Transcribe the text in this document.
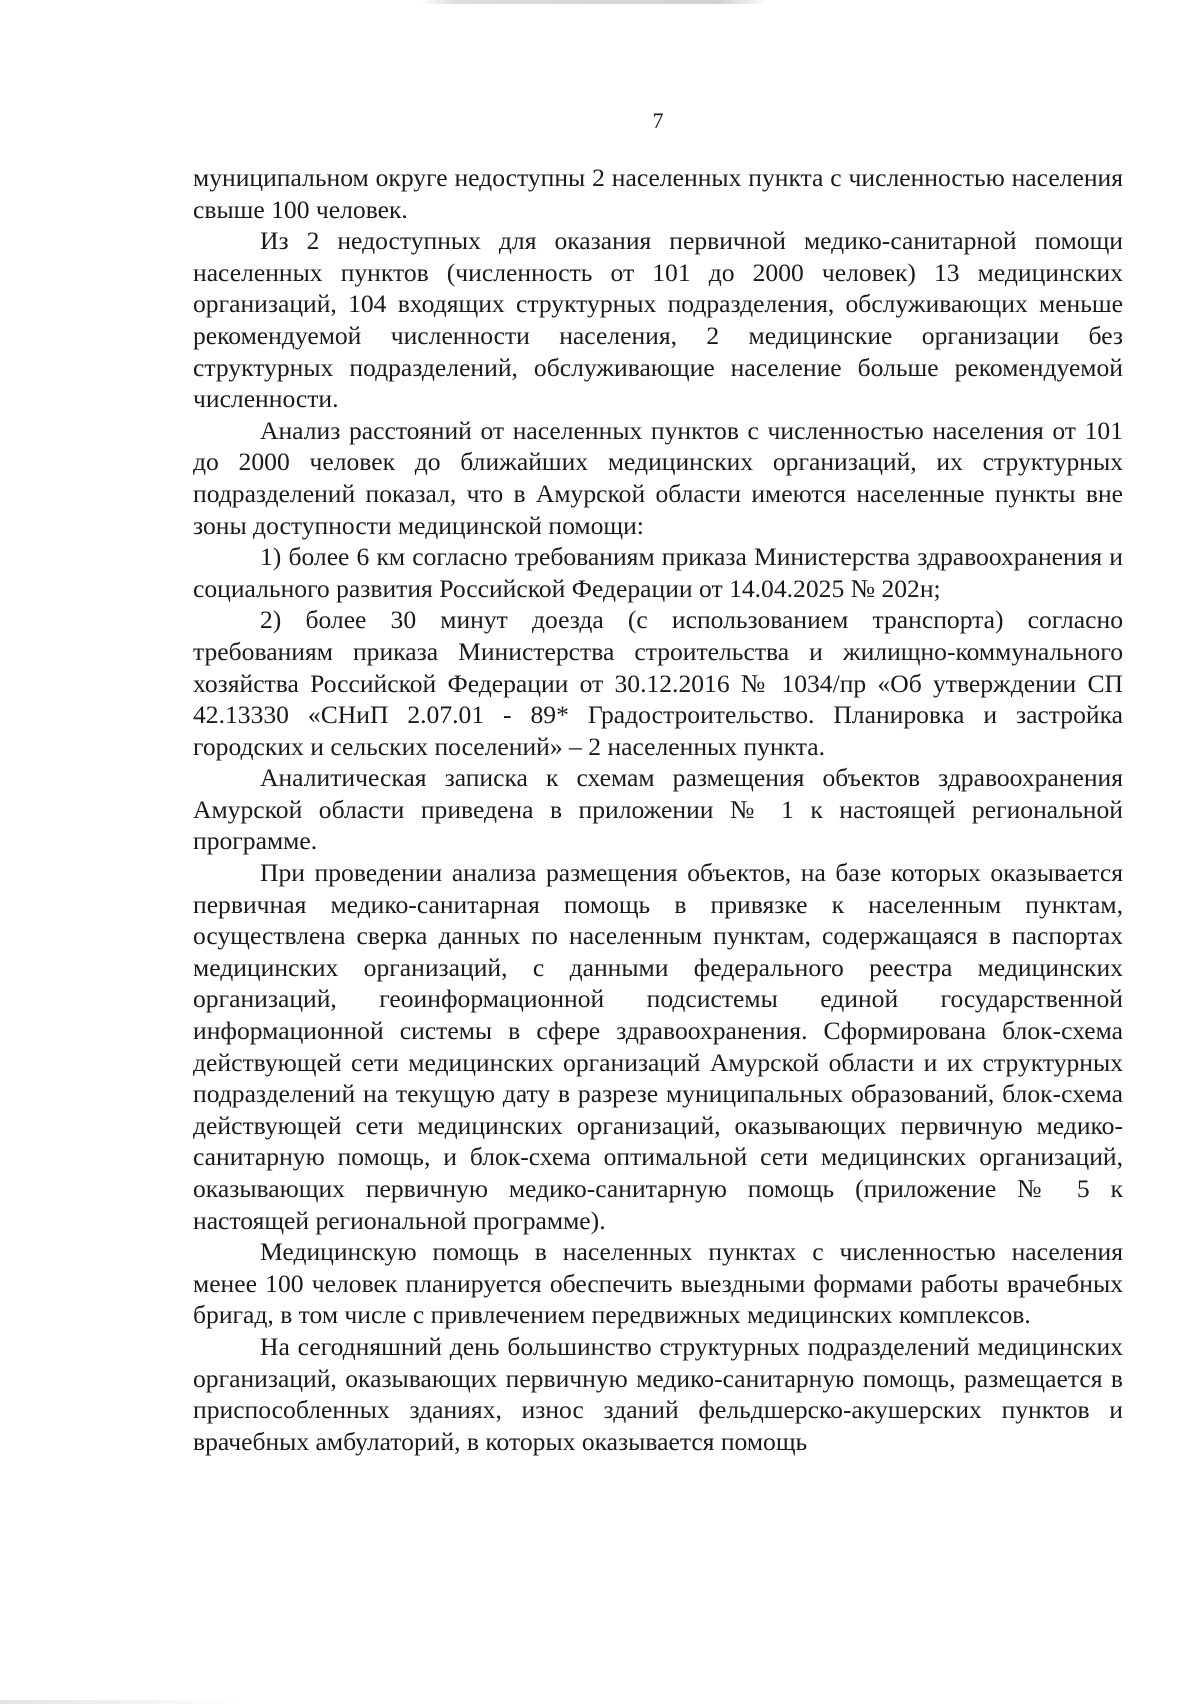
7

муниципальном округе недоступны 2 населенных пункта с численностью населения свыше 100 человек.

Из 2 недоступных для оказания первичной медико-санитарной помощи населенных пунктов (численность от 101 до 2000 человек) 13 медицинских организаций, 104 входящих структурных подразделения, обслуживающих меньше рекомендуемой численности населения, 2 медицинские организации без структурных подразделений, обслуживающие население больше рекомендуемой численности.

Анализ расстояний от населенных пунктов с численностью населения от 101 до 2000 человек до ближайших медицинских организаций, их структурных подразделений показал, что в Амурской области имеются населенные пункты вне зоны доступности медицинской помощи:

1) более 6 км согласно требованиям приказа Министерства здравоохранения и социального развития Российской Федерации от 14.04.2025 № 202н;

2) более 30 минут доезда (с использованием транспорта) согласно требованиям приказа Министерства строительства и жилищно-коммунального хозяйства Российской Федерации от 30.12.2016 № 1034/пр «Об утверждении СП 42.13330 «СНиП 2.07.01 - 89* Градостроительство. Планировка и застройка городских и сельских поселений» – 2 населенных пункта.

Аналитическая записка к схемам размещения объектов здравоохранения Амурской области приведена в приложении № 1 к настоящей региональной программе.

При проведении анализа размещения объектов, на базе которых оказывается первичная медико-санитарная помощь в привязке к населенным пунктам, осуществлена сверка данных по населенным пунктам, содержащаяся в паспортах медицинских организаций, с данными федерального реестра медицинских организаций, геоинформационной подсистемы единой государственной информационной системы в сфере здравоохранения. Сформирована блок-схема действующей сети медицинских организаций Амурской области и их структурных подразделений на текущую дату в разрезе муниципальных образований, блок-схема действующей сети медицинских организаций, оказывающих первичную медико-санитарную помощь, и блок-схема оптимальной сети медицинских организаций, оказывающих первичную медико-санитарную помощь (приложение № 5 к настоящей региональной программе).

Медицинскую помощь в населенных пунктах с численностью населения менее 100 человек планируется обеспечить выездными формами работы врачебных бригад, в том числе с привлечением передвижных медицинских комплексов.

На сегодняшний день большинство структурных подразделений медицинских организаций, оказывающих первичную медико-санитарную помощь, размещается в приспособленных зданиях, износ зданий фельдшерско-акушерских пунктов и врачебных амбулаторий, в которых оказывается помощь
